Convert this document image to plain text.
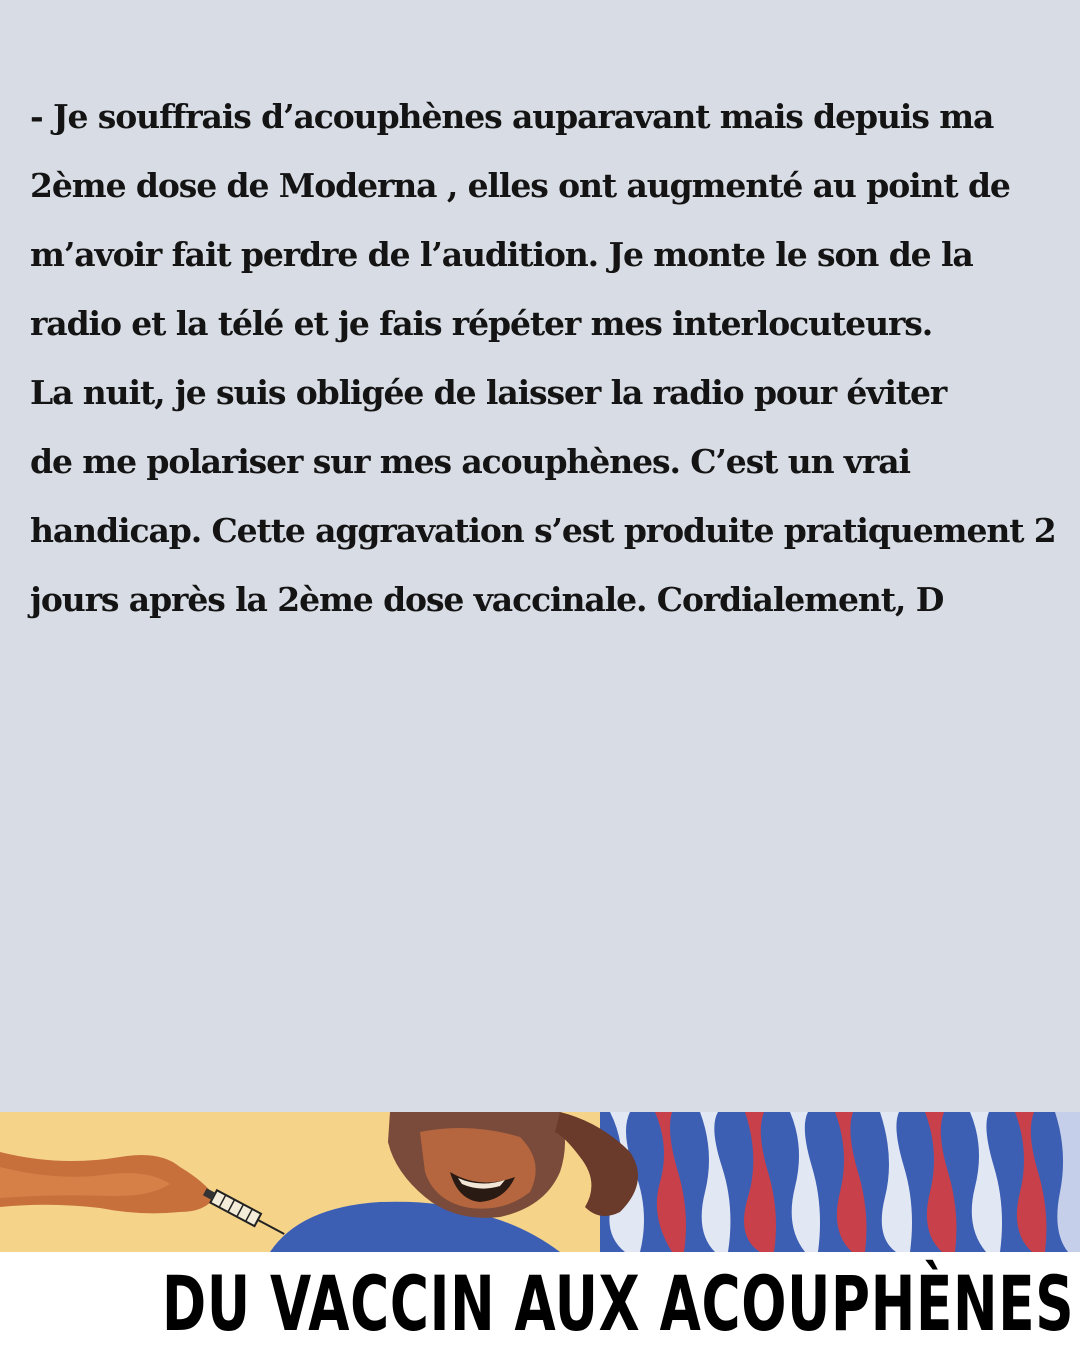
- Je souffrais d’acouphènes auparavant mais depuis ma
2ème dose de Moderna , elles ont augmenté au point de
m’avoir fait perdre de l’audition. Je monte le son de la
radio et la télé et je fais répéter mes interlocuteurs.
La nuit, je suis obligée de laisser la radio pour éviter
de me polariser sur mes acouphènes. C’est un vrai
handicap. Cette aggravation s’est produite pratiquement 2
jours après la 2ème dose vaccinale. Cordialement, D

DU VACCIN AUX ACOUPHÈNES
